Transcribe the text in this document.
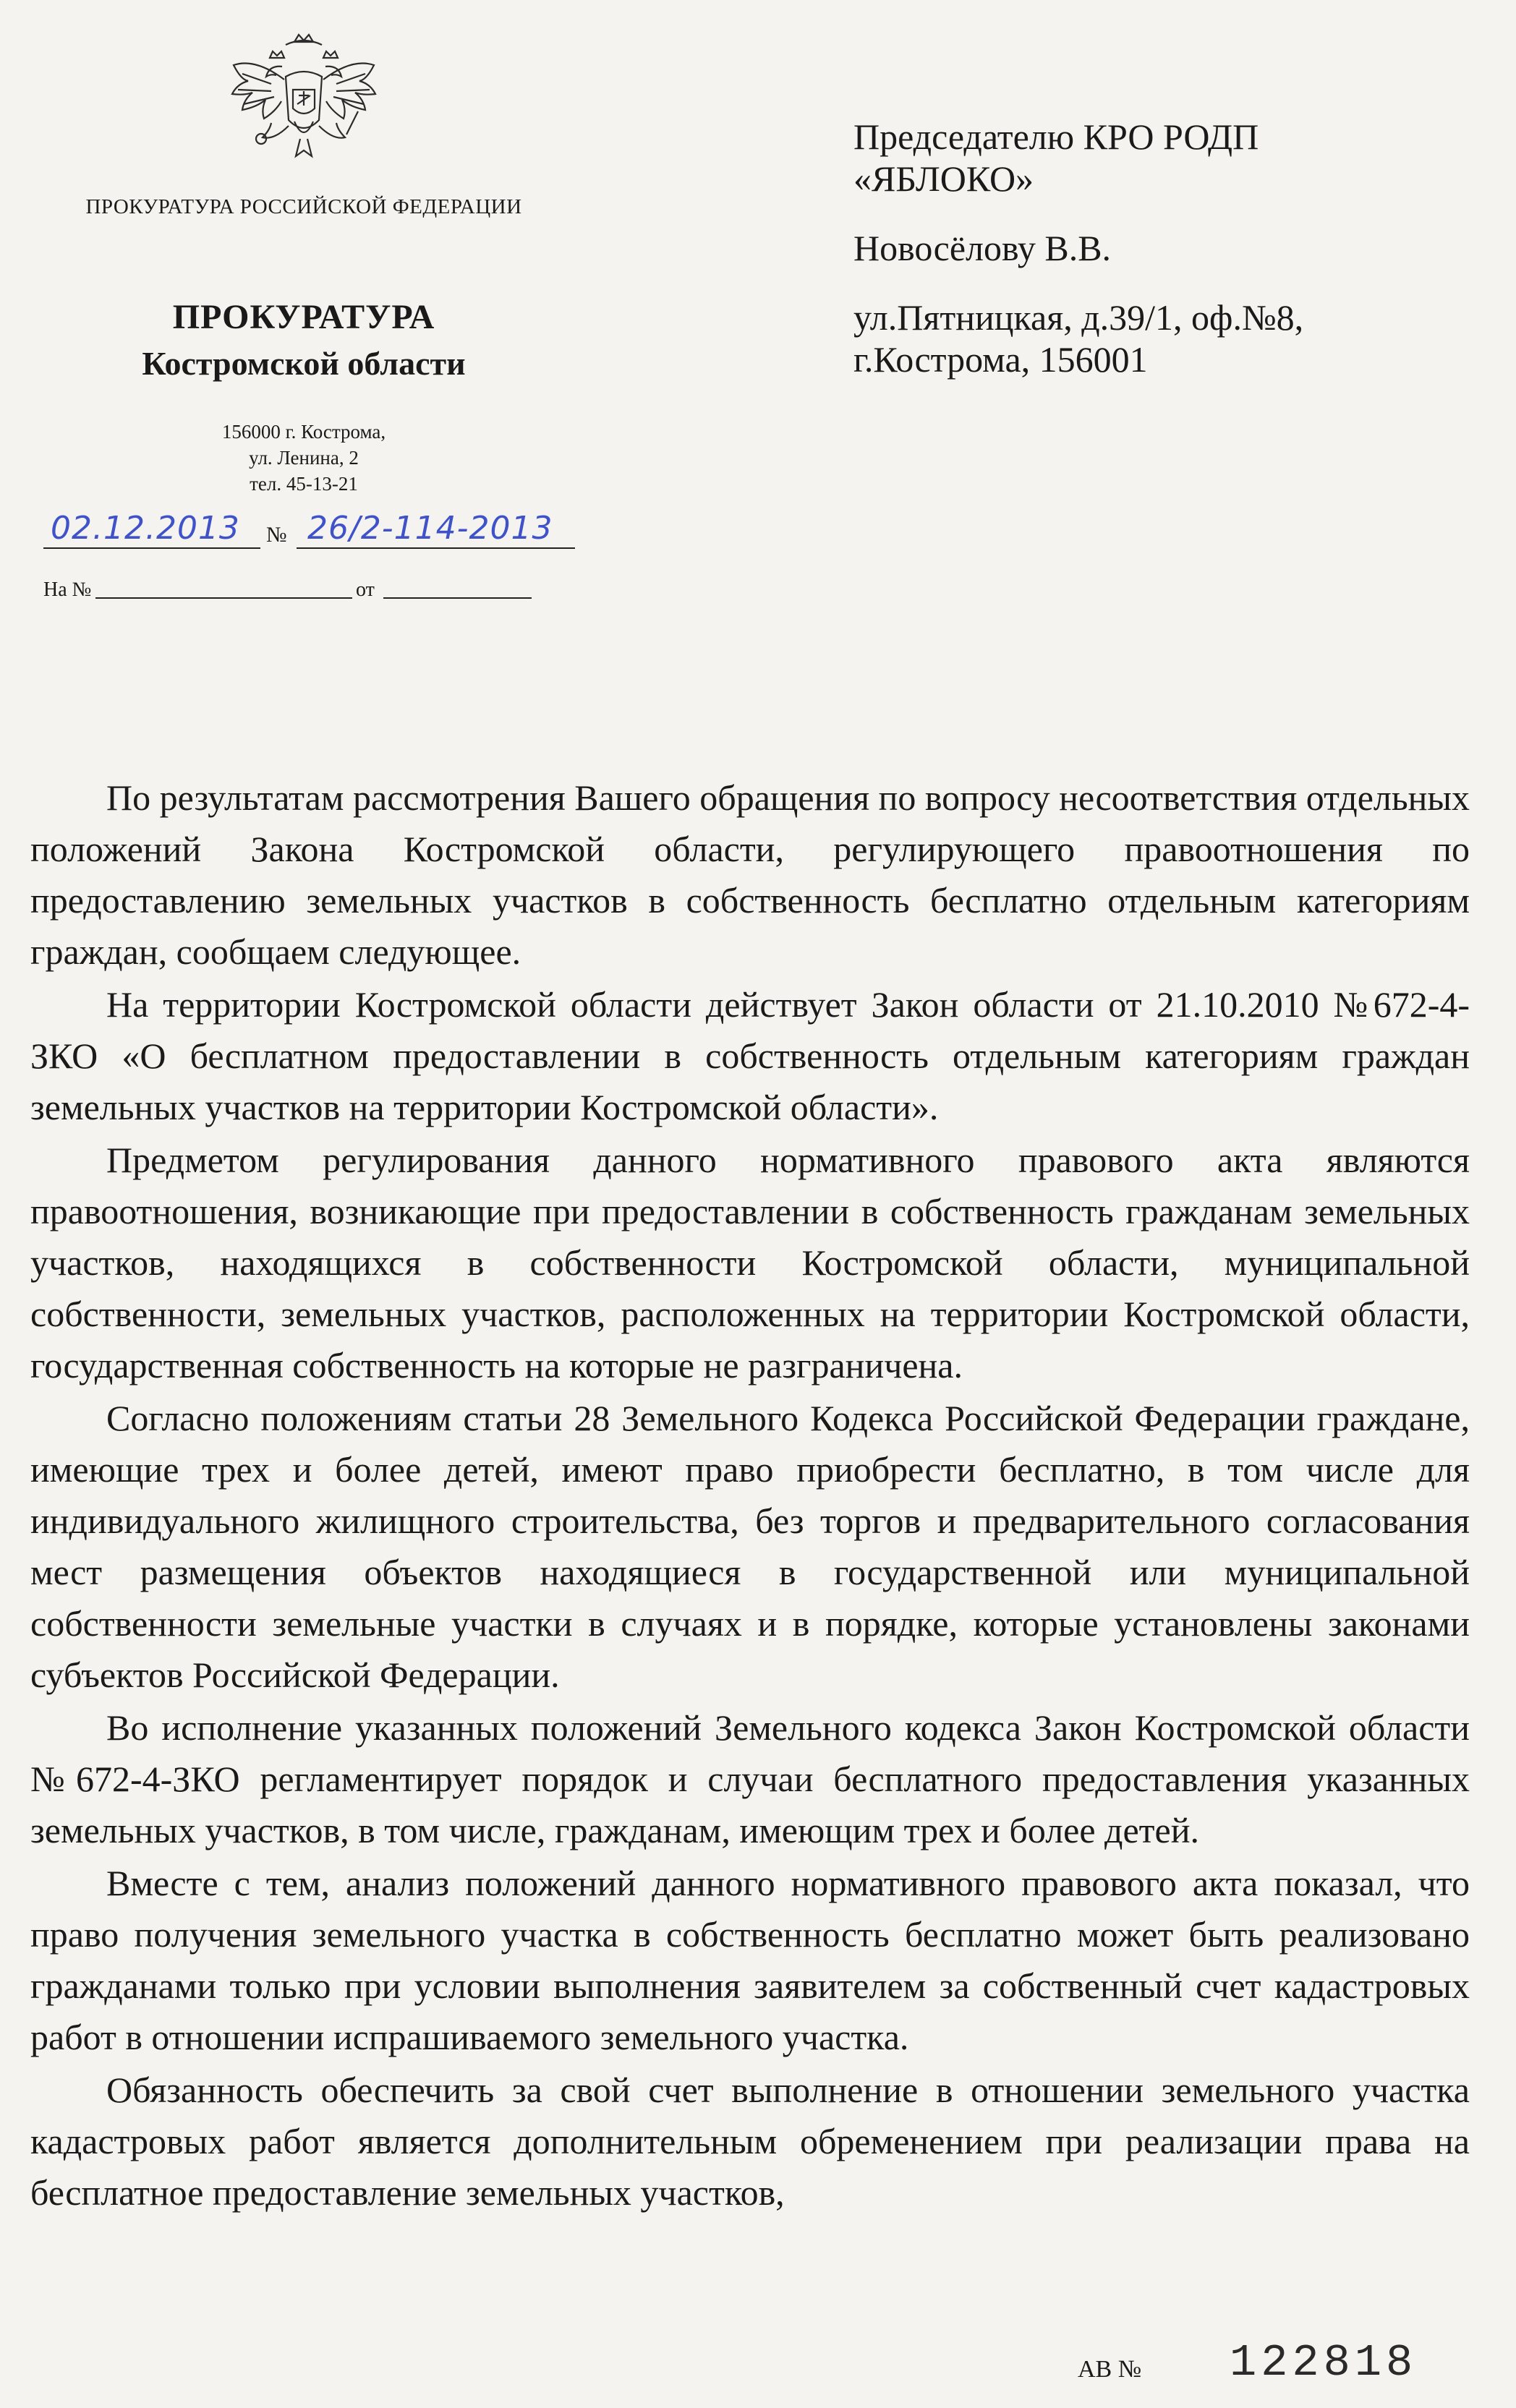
ПРОКУРАТУРА РОССИЙСКОЙ ФЕДЕРАЦИИ
ПРОКУРАТУРА
Костромской области
156000 г. Кострома,
ул. Ленина, 2
тел. 45-13-21
02.12.2013 № 26/2-114-2013
На №	от
Председателю КРО РОДП
«ЯБЛОКО»
Новосёлову В.В.
ул.Пятницкая, д.39/1, оф.№8,
г.Кострома, 156001

По результатам рассмотрения Вашего обращения по вопросу несоответствия отдельных положений Закона Костромской области, регулирующего правоотношения по предоставлению земельных участков в собственность бесплатно отдельным категориям граждан, сообщаем следующее.

На территории Костромской области действует Закон области от 21.10.2010 №672-4-ЗКО «О бесплатном предоставлении в собственность отдельным категориям граждан земельных участков на территории Костромской области».

Предметом регулирования данного нормативного правового акта являются правоотношения, возникающие при предоставлении в собственность гражданам земельных участков, находящихся в собственности Костромской области, муниципальной собственности, земельных участков, расположенных на территории Костромской области, государственная собственность на которые не разграничена.

Согласно положениям статьи 28 Земельного Кодекса Российской Федерации граждане, имеющие трех и более детей, имеют право приобрести бесплатно, в том числе для индивидуального жилищного строительства, без торгов и предварительного согласования мест размещения объектов находящиеся в государственной или муниципальной собственности земельные участки в случаях и в порядке, которые установлены законами субъектов Российской Федерации.

Во исполнение указанных положений Земельного кодекса Закон Костромской области №672-4-ЗКО регламентирует порядок и случаи бесплатного предоставления указанных земельных участков, в том числе, гражданам, имеющим трех и более детей.

Вместе с тем, анализ положений данного нормативного правового акта показал, что право получения земельного участка в собственность бесплатно может быть реализовано гражданами только при условии выполнения заявителем за собственный счет кадастровых работ в отношении испрашиваемого земельного участка.

Обязанность обеспечить за свой счет выполнение в отношении земельного участка кадастровых работ является дополнительным обременением при реализации права на бесплатное предоставление земельных участков,

АВ № 122818
